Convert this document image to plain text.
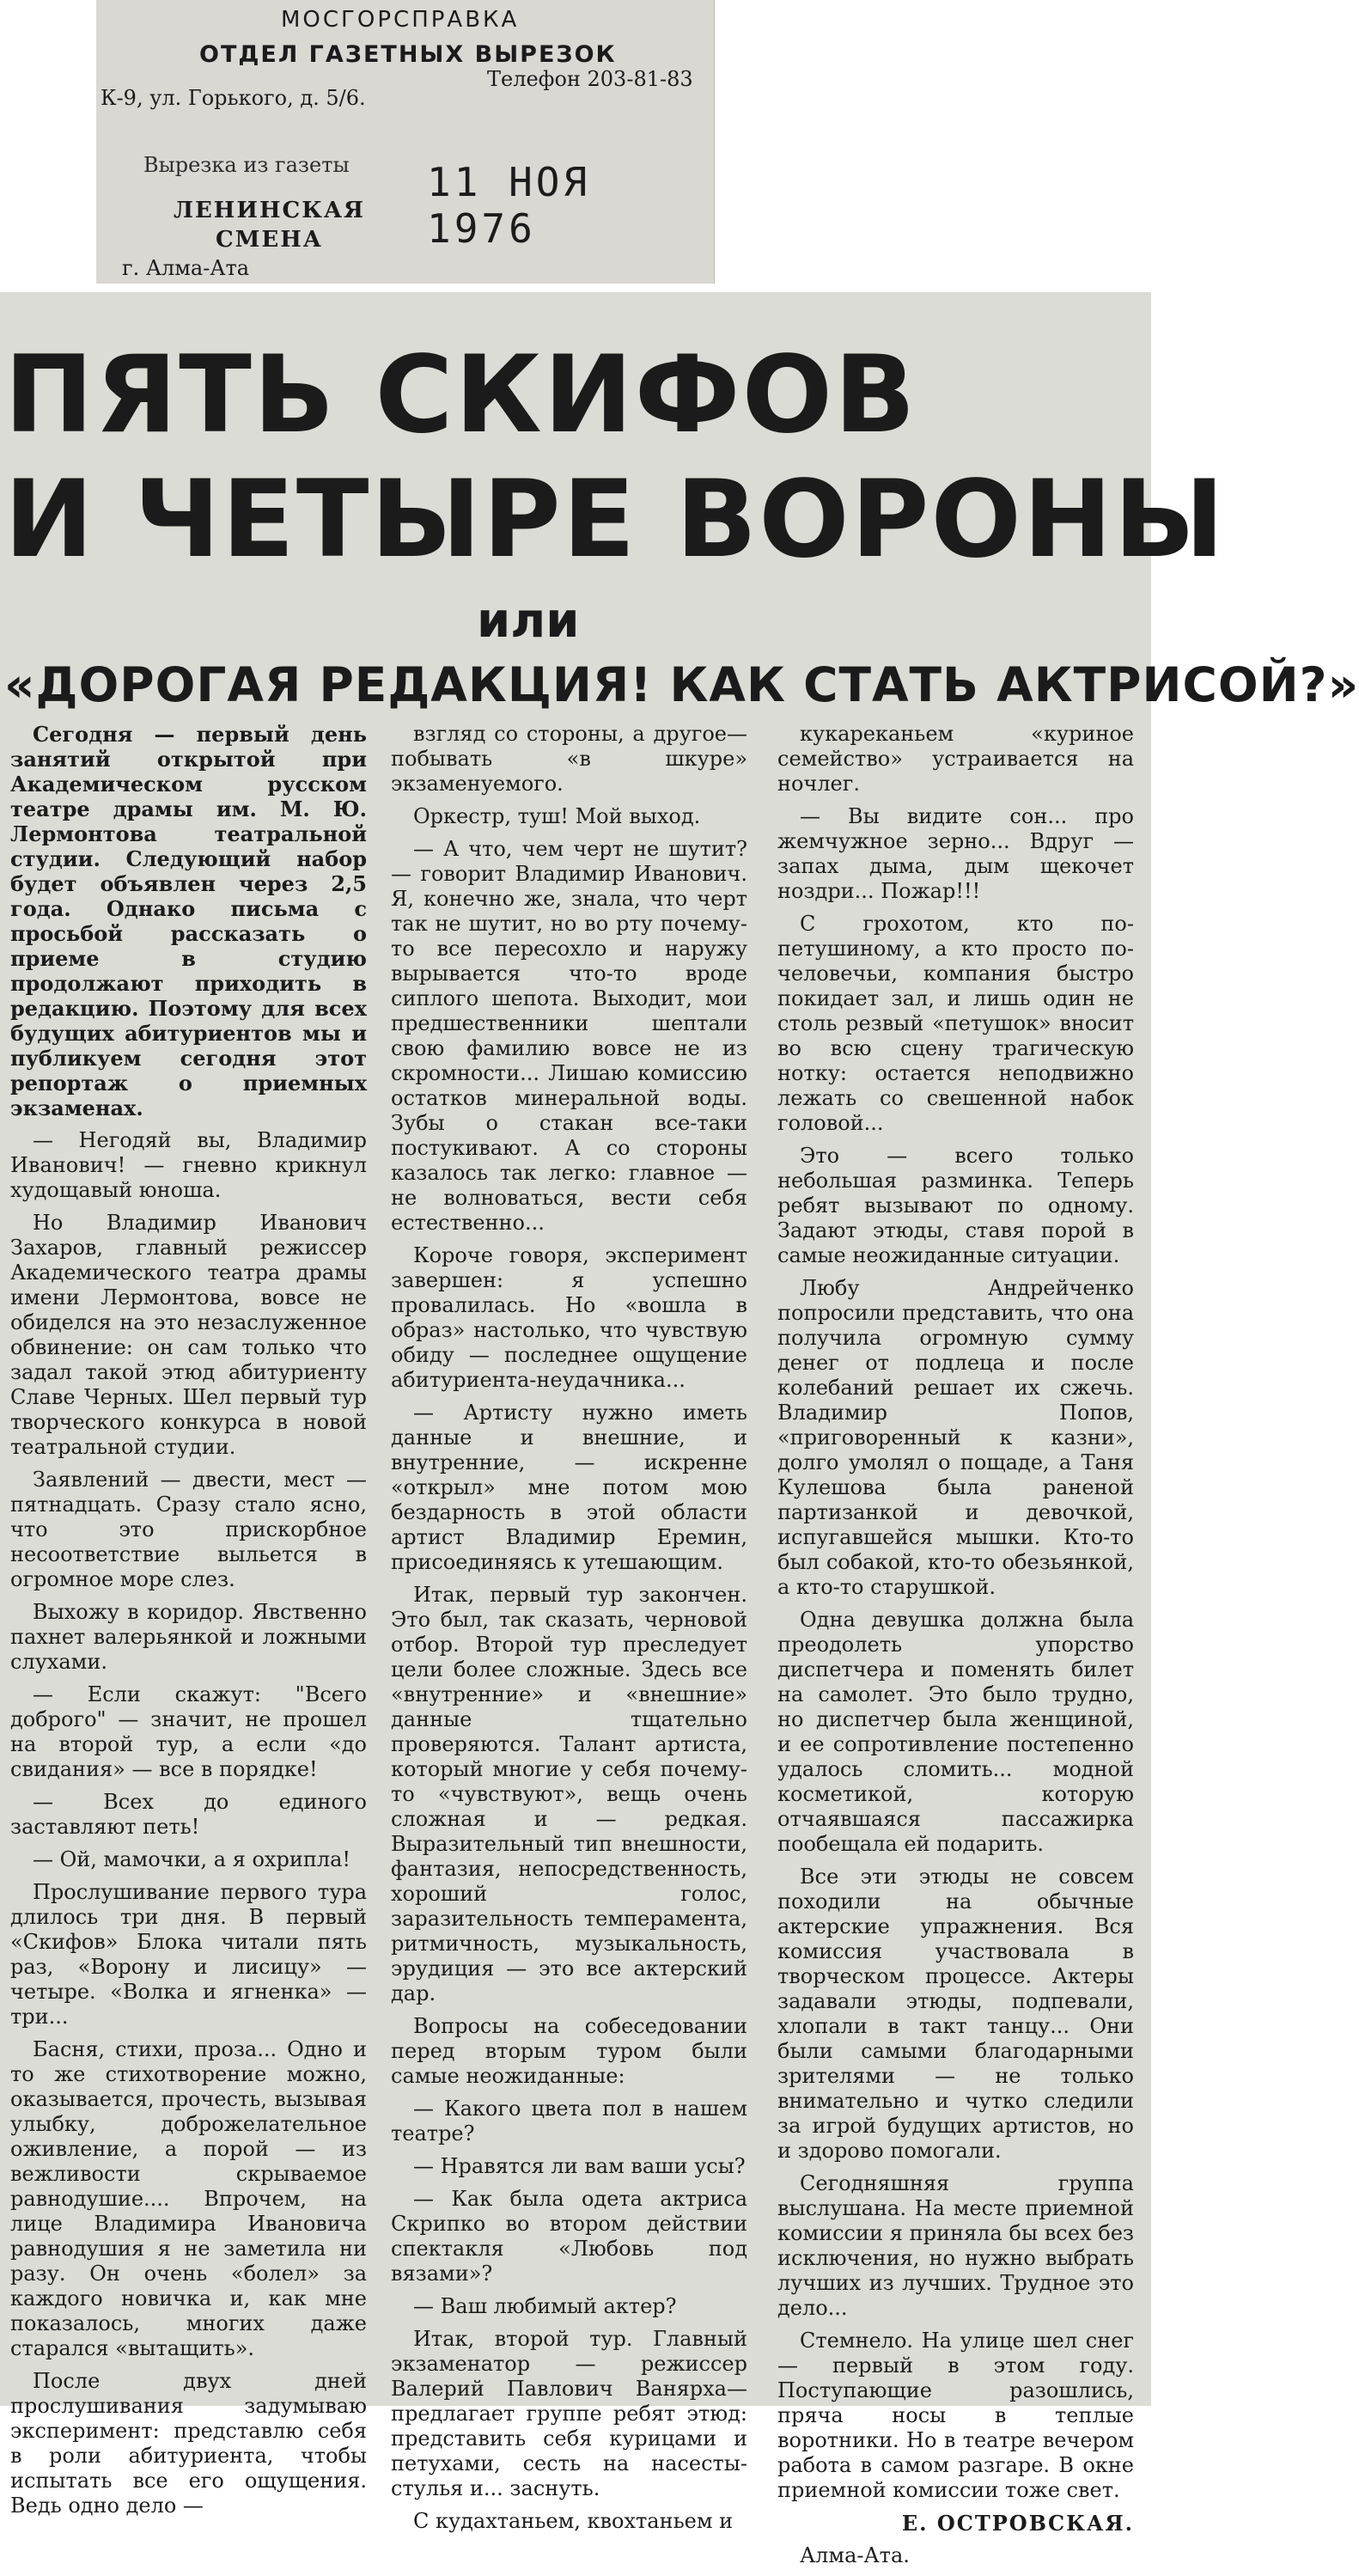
МОСГОРСПРАВКА
ОТДЕЛ ГАЗЕТНЫХ ВЫРЕЗОК
Телефон 203-81-83
К-9, ул. Горького, д. 5/6.
Вырезка из газеты
ЛЕНИНСКАЯ
СМЕНА
г. Алма-Ата
11 НОЯ 1976
ПЯТЬ СКИФОВ
И ЧЕТЫРЕ ВОРОНЫ
или
«ДОРОГАЯ РЕДАКЦИЯ! КАК СТАТЬ АКТРИСОЙ?»

Сегодня — первый день занятий открытой при Академическом русском театре драмы им. М. Ю. Лермонтова театральной студии. Следующий набор будет объявлен через 2,5 года. Однако письма с просьбой рассказать о приеме в студию продолжают приходить в редакцию. Поэтому для всех будущих абитуриентов мы и публикуем сегодня этот репортаж о приемных экзаменах.

— Негодяй вы, Владимир Иванович! — гневно крикнул худощавый юноша.

Но Владимир Иванович Захаров, главный режиссер Академического театра драмы имени Лермонтова, вовсе не обиделся на это незаслуженное обвинение: он сам только что задал такой этюд абитуриенту Славе Черных. Шел первый тур творческого конкурса в новой театральной студии.

Заявлений — двести, мест — пятнадцать. Сразу стало ясно, что это прискорбное несоответствие выльется в огромное море слез.

Выхожу в коридор. Явственно пахнет валерьянкой и ложными слухами.

— Если скажут: "Всего доброго" — значит, не прошел на второй тур, а если «до свидания» — все в порядке!

— Всех до единого заставляют петь!

— Ой, мамочки, а я охрипла!

Прослушивание первого тура длилось три дня. В первый «Скифов» Блока читали пять раз, «Ворону и лисицу» — четыре. «Волка и ягненка» — три...

Басня, стихи, проза... Одно и то же стихотворение можно, оказывается, прочесть, вызывая улыбку, доброжелательное оживление, а порой — из вежливости скрываемое равнодушие.... Впрочем, на лице Владимира Ивановича равнодушия я не заметила ни разу. Он очень «болел» за каждого новичка и, как мне показалось, многих даже старался «вытащить».

После двух дней прослушивания задумываю эксперимент: представлю себя в роли абитуриента, чтобы испытать все его ощущения. Ведь одно дело —

взгляд со стороны, а другое— побывать «в шкуре» экзаменуемого.

Оркестр, туш! Мой выход.

— А что, чем черт не шутит? — говорит Владимир Иванович. Я, конечно же, знала, что черт так не шутит, но во рту почему-то все пересохло и наружу вырывается что-то вроде сиплого шепота. Выходит, мои предшественники шептали свою фамилию вовсе не из скромности... Лишаю комиссию остатков минеральной воды. Зубы о стакан все-таки постукивают. А со стороны казалось так легко: главное — не волноваться, вести себя естественно...

Короче говоря, эксперимент завершен: я успешно провалилась. Но «вошла в образ» настолько, что чувствую обиду — последнее ощущение абитуриента-неудачника...

— Артисту нужно иметь данные и внешние, и внутренние, — искренне «открыл» мне потом мою бездарность в этой области артист Владимир Еремин, присоединяясь к утешающим.

Итак, первый тур закончен. Это был, так сказать, черновой отбор. Второй тур преследует цели более сложные. Здесь все «внутренние» и «внешние» данные тщательно проверяются. Талант артиста, который многие у себя почему-то «чувствуют», вещь очень сложная и — редкая. Выразительный тип внешности, фантазия, непосредственность, хороший голос, заразительность темперамента, ритмичность, музыкальность, эрудиция — это все актерский дар.

Вопросы на собеседовании перед вторым туром были самые неожиданные:

— Какого цвета пол в нашем театре?

— Нравятся ли вам ваши усы?

— Как была одета актриса Скрипко во втором действии спектакля «Любовь под вязами»?

— Ваш любимый актер?

Итак, второй тур. Главный экзаменатор — режиссер Валерий Павлович Ваняpха—предлагает группе ребят этюд: представить себя курицами и петухами, сесть на насесты-стулья и... заснуть.

С кудахтаньем, квохтаньем и

кукареканьем «куриное семейство» устраивается на ночлег.

— Вы видите сон... про жемчужное зерно... Вдруг — запах дыма, дым щекочет ноздри... Пожар!!!

С грохотом, кто по-петушиному, а кто просто по-человечьи, компания быстро покидает зал, и лишь один не столь резвый «петушок» вносит во всю сцену трагическую нотку: остается неподвижно лежать со свешенной набок головой...

Это — всего только небольшая разминка. Теперь ребят вызывают по одному. Задают этюды, ставя порой в самые неожиданные ситуации.

Любу Андрейченко попросили представить, что она получила огромную сумму денег от подлеца и после колебаний решает их сжечь. Владимир Попов, «приговоренный к казни», долго умолял о пощаде, а Таня Кулешова была раненой партизанкой и девочкой, испугавшейся мышки. Кто-то был собакой, кто-то обезьянкой, а кто-то старушкой.

Одна девушка должна была преодолеть упорство диспетчера и поменять билет на самолет. Это было трудно, но диспетчер была женщиной, и ее сопротивление постепенно удалось сломить... модной косметикой, которую отчаявшаяся пассажирка пообещала ей подарить.

Все эти этюды не совсем походили на обычные актерские упражнения. Вся комиссия участвовала в творческом процессе. Актеры задавали этюды, подпевали, хлопали в такт танцу... Они были самыми благодарными зрителями — не только внимательно и чутко следили за игрой будущих артистов, но и здорово помогали.

Сегодняшняя группа выслушана. На месте приемной комиссии я приняла бы всех без исключения, но нужно выбрать лучших из лучших. Трудное это дело...

Стемнело. На улице шел снег — первый в этом году. Поступающие разошлись, пряча носы в теплые воротники. Но в театре вечером работа в самом разгаре. В окне приемной комиссии тоже свет.

Е. ОСТРОВСКАЯ.

Алма-Ата.
